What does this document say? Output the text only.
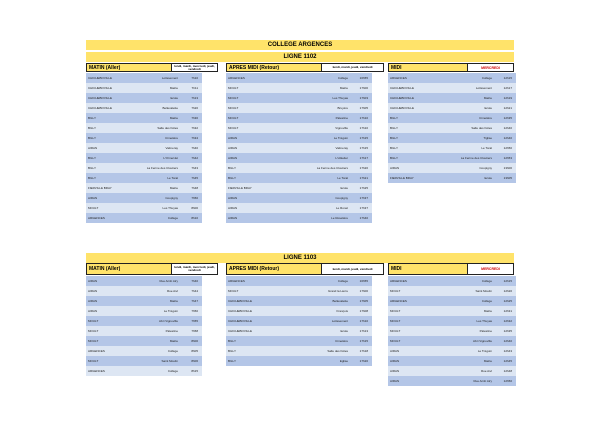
COLLEGE ARGENCES
LIGNE 1102
MATIN (Aller)	lundi, mardi, mercredi, jeudi, vendredi	APRES MIDI (Retour)	lundi, mardi, jeudi, vendredi	MIDI	MERCREDI
CHICHEBOVILLE	Lotissement	7h10
CHICHEBOVILLE	Mairie	7h11
CHICHEBOVILLE	Ecole	7h13
CHICHEBOVILLE	Bellevalette	7h20
BILLY	Mairie	7h30
BILLY	Salle des Fêtes	7h32
BILLY	Cimetière	7h34
AIRAN	Valmeray	7h40
BILLY	L'Orme/Jet	7h42
BILLY	La Ferme des Cloutiers	7h43
BILLY	Le Toral	7h45
FIERVILLE BRAY	Mairie	7h48
AIRAN	Coupigny	7h50
MOULT	Les Thuyas	8h00
ARGENCES	Collège	8h10
ARGENCES	Collège	16h55
MOULT	Mairie	17h00
MOULT	Les Thuyas	17h03
MOULT	Bruyère	17h05
MOULT	Palestine	17h10
MOULT	Vignoville	17h10
AIRAN	Le Trèguin	17h15
AIRAN	Valmeray	17h15
AIRAN	L'Hôtelier	17h17
BILLY	La Ferme des Cloutiers	17h20
BILLY	Le Toral	17h21
FIERVILLE BRAY	Ecole	17h25
AIRAN	Coupigny	17h37
AIRAN	Le Ronel	17h37
AIRAN	Le Roselière	17h40
ARGENCES	Collège	12h15
CHICHEBOVILLE	Lotissement	12h17
CHICHEBOVILLE	Mairie	12h19
CHICHEBOVILLE	Ecole	12h21
BILLY	Cimetière	12h35
BILLY	Salle des Fêtes	12h40
BILLY	Tiglise	12h40
BILLY	Le Toral	12h50
BILLY	La Ferme des Cloutiers	12h53
AIRAN	Coupigny	13h00
FIERVILLE BRAY	Ecole	13h05
LIGNE 1103
MATIN (Aller)	lundi, mardi, mercredi, jeudi, vendredi	APRES MIDI (Retour)	lundi, mardi, jeudi, vendredi	MIDI	MERCREDI
AIRAN	Rue Arrêt Airy	7h40
AIRAN	Rue Aivi	7h44
AIRAN	Mairie	7h47
AIRAN	Le Trèguin	7h50
MOULT	Abri Vignoville	7h55
MOULT	Palestine	7h58
MOULT	Mairie	8h00
ARGENCES	Collège	8h05
MOULT	Saint Moulin	8h06
ARGENCES	Collège	8h15
ARGENCES	Collège	16h55
MOULT	Grand la Lierre	17h00
CHICHEBOVILLE	Bellevalette	17h05
CHICHEBOVILLE	François	17h08
CHICHEBOVILLE	Lotissement	17h10
CHICHEBOVILLE	Ecole	17h13
BILLY	Cimetière	17h15
BILLY	Salle des Fêtes	17h18
BILLY	Eglise	17h20
ARGENCES	Collège	12h15
MOULT	Saint Moulin	12h20
ARGENCES	Collège	12h25
MOULT	Mairie	12h31
MOULT	Les Thuyas	12h32
MOULT	Palestine	12h35
MOULT	Abri Vignoville	12h40
AIRAN	Le Trèguin	12h43
AIRAN	Mairie	12h45
AIRAN	Rue Aivi	12h48
AIRAN	Rue Arrêt Airy	12h50
